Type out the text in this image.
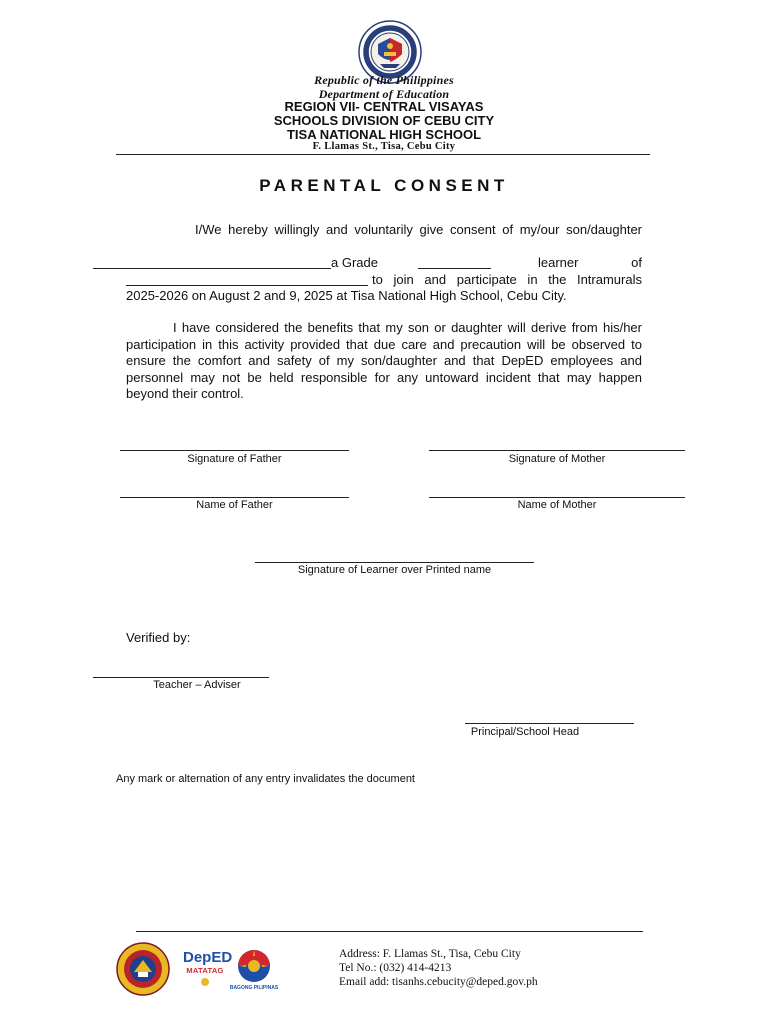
Republic of the Philippines
Department of Education
REGION VII- CENTRAL VISAYAS
SCHOOLS DIVISION OF CEBU CITY
TISA NATIONAL HIGH SCHOOL
F. Llamas St., Tisa, Cebu City
PARENTAL CONSENT
I/We hereby willingly and voluntarily give consent of my/our son/daughter
a Grade	learner of
to join and participate in the Intramurals
2025-2026 on August 2 and 9, 2025 at Tisa National High School, Cebu City.
I have considered the benefits that my son or daughter will derive from his/her participation in this activity provided that due care and precaution will be observed to ensure the comfort and safety of my son/daughter and that DepED employees and personnel may not be held responsible for any untoward incident that may happen beyond their control.
Signature of Father	Signature of Mother
Name of Father	Name of Mother
Signature of Learner over Printed name
Verified by:
Teacher – Adviser
Principal/School Head
Any mark or alternation of any entry invalidates the document
DepED
MATATAG
BAGONG PILIPINAS
Address: F. Llamas St., Tisa, Cebu City
Tel No.: (032) 414-4213
Email add: tisanhs.cebucity@deped.gov.ph
